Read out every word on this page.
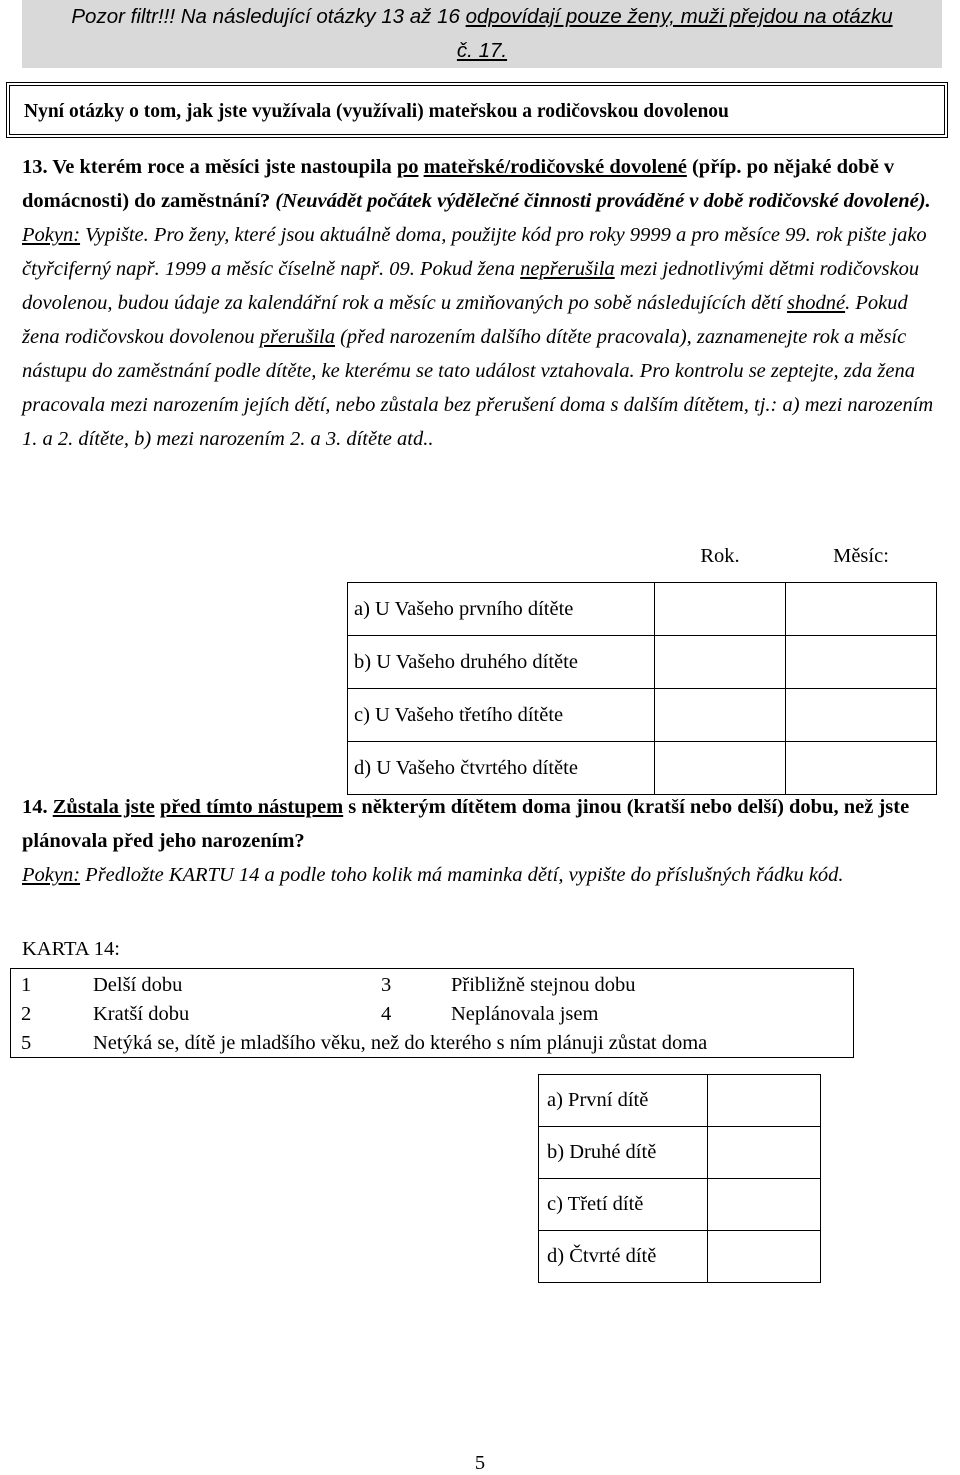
Pozor filtr!!! Na následující otázky 13 až 16 odpovídají pouze ženy, muži přejdou na otázku
č. 17.
Nyní otázky o tom, jak jste využívala (využívali) mateřskou a rodičovskou dovolenou
13. Ve kterém roce a měsíci jste nastoupila po mateřské/rodičovské dovolené (příp. po nějaké době v domácnosti) do zaměstnání? (Neuvádět počátek výdělečné činnosti prováděné v době rodičovské dovolené).
Pokyn: Vypište. Pro ženy, které jsou aktuálně doma, použijte kód pro roky 9999 a pro měsíce 99. rok pište jako čtyřciferný např. 1999 a měsíc číselně např. 09. Pokud žena nepřerušila mezi jednotlivými dětmi rodičovskou dovolenou, budou údaje za kalendářní rok a měsíc u zmiňovaných po sobě následujících dětí shodné. Pokud žena rodičovskou dovolenou přerušila (před narozením dalšího dítěte pracovala), zaznamenejte rok a měsíc nástupu do zaměstnání podle dítěte, ke kterému se tato událost vztahovala. Pro kontrolu se zeptejte, zda žena pracovala mezi narozením jejích dětí, nebo zůstala bez přerušení doma s dalším dítětem, tj.: a) mezi narozením 1. a 2. dítěte, b) mezi narozením 2. a 3. dítěte atd..
	Rok.	Měsíc:
a) U Vašeho prvního dítěte		
b) U Vašeho druhého dítěte		
c) U Vašeho třetího dítěte		
d) U Vašeho čtvrtého dítěte		
14. Zůstala jste před tímto nástupem s některým dítětem doma jinou (kratší nebo delší) dobu, než jste plánovala před jeho narozením?
Pokyn: Předložte KARTU 14 a podle toho kolik má maminka dětí, vypište do příslušných řádku kód.
KARTA 14:
1	Delší dobu	3	Přibližně stejnou dobu
2	Kratší dobu	4	Neplánovala jsem
5	Netýká se, dítě je mladšího věku, než do kterého s ním plánuji zůstat doma
a) První dítě	
b) Druhé dítě	
c) Třetí dítě	
d) Čtvrté dítě	
5
